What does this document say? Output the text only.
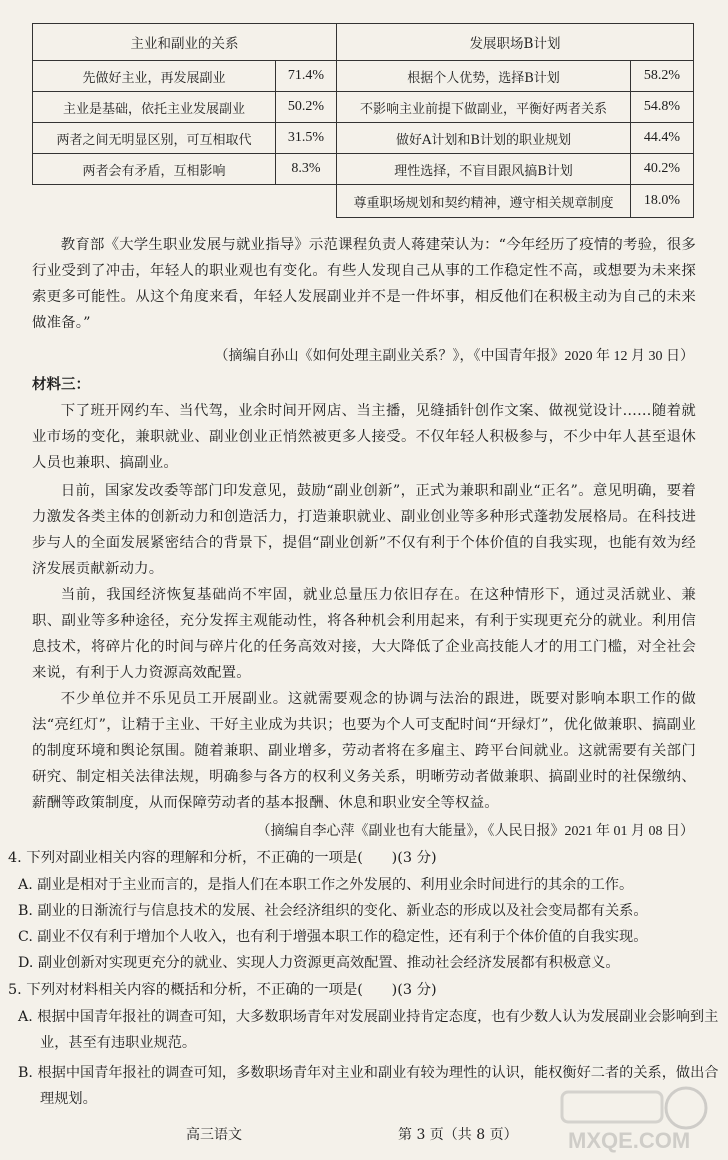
主业和副业的关系		发展职场B计划	
先做好主业，再发展副业	71.4%	根据个人优势，选择B计划	58.2%
主业是基础，依托主业发展副业	50.2%	不影响主业前提下做副业，平衡好两者关系	54.8%
两者之间无明显区别，可互相取代	31.5%	做好A计划和B计划的职业规划	44.4%
两者会有矛盾，互相影响	8.3%	理性选择，不盲目跟风搞B计划	40.2%
		尊重职场规划和契约精神，遵守相关规章制度	18.0%

教育部《大学生职业发展与就业指导》示范课程负责人蒋建荣认为：“今年经历了疫情的考验，很多行业受到了冲击，年轻人的职业观也有变化。有些人发现自己从事的工作稳定性不高，或想要为未来探索更多可能性。从这个角度来看，年轻人发展副业并不是一件坏事，相反他们在积极主动为自己的未来做准备。”

（摘编自孙山《如何处理主副业关系？》，《中国青年报》2020 年 12 月 30 日）

材料三：

下了班开网约车、当代驾，业余时间开网店、当主播，见缝插针创作文案、做视觉设计……随着就业市场的变化，兼职就业、副业创业正悄然被更多人接受。不仅年轻人积极参与，不少中年人甚至退休人员也兼职、搞副业。

日前，国家发改委等部门印发意见，鼓励“副业创新”，正式为兼职和副业“正名”。意见明确，要着力激发各类主体的创新动力和创造活力，打造兼职就业、副业创业等多种形式蓬勃发展格局。在科技进步与人的全面发展紧密结合的背景下，提倡“副业创新”不仅有利于个体价值的自我实现，也能有效为经济发展贡献新动力。

当前，我国经济恢复基础尚不牢固，就业总量压力依旧存在。在这种情形下，通过灵活就业、兼职、副业等多种途径，充分发挥主观能动性，将各种机会利用起来，有利于实现更充分的就业。利用信息技术，将碎片化的时间与碎片化的任务高效对接，大大降低了企业高技能人才的用工门槛，对全社会来说，有利于人力资源高效配置。

不少单位并不乐见员工开展副业。这就需要观念的协调与法治的跟进，既要对影响本职工作的做法“亮红灯”，让精于主业、干好主业成为共识；也要为个人可支配时间“开绿灯”，优化做兼职、搞副业的制度环境和舆论氛围。随着兼职、副业增多，劳动者将在多雇主、跨平台间就业。这就需要有关部门研究、制定相关法律法规，明确参与各方的权利义务关系，明晰劳动者做兼职、搞副业时的社保缴纳、薪酬等政策制度，从而保障劳动者的基本报酬、休息和职业安全等权益。

（摘编自李心萍《副业也有大能量》，《人民日报》2021 年 01 月 08 日）

4. 下列对副业相关内容的理解和分析，不正确的一项是(　　)(3 分)

A. 副业是相对于主业而言的，是指人们在本职工作之外发展的、利用业余时间进行的其余的工作。

B. 副业的日渐流行与信息技术的发展、社会经济组织的变化、新业态的形成以及社会变局都有关系。

C. 副业不仅有利于增加个人收入，也有利于增强本职工作的稳定性，还有利于个体价值的自我实现。

D. 副业创新对实现更充分的就业、实现人力资源更高效配置、推动社会经济发展都有积极意义。

5. 下列对材料相关内容的概括和分析，不正确的一项是(　　)(3 分)

A. 根据中国青年报社的调查可知，大多数职场青年对发展副业持肯定态度，也有少数人认为发展副业会影响到主业，甚至有违职业规范。

B. 根据中国青年报社的调查可知，多数职场青年对主业和副业有较为理性的认识，能权衡好二者的关系，做出合理规划。

高三语文	第 3 页（共 8 页） MXQE.COM
